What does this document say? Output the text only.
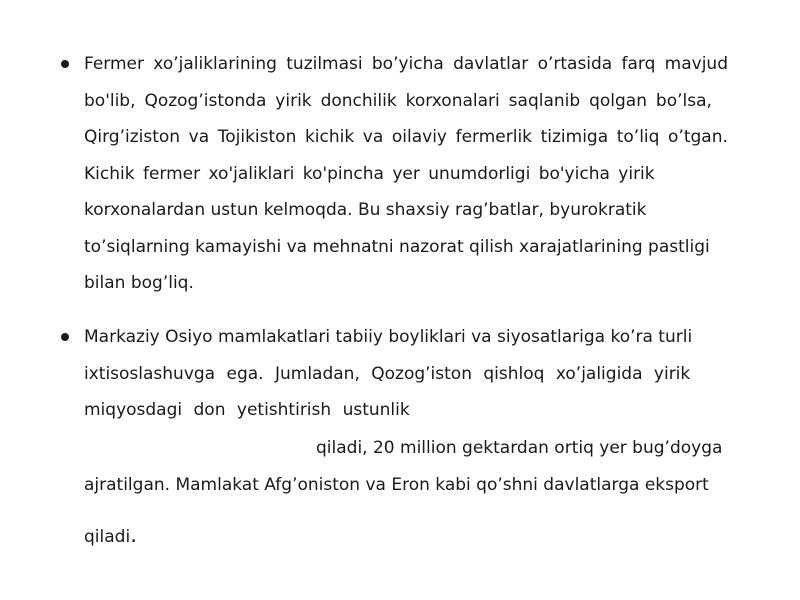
Fermer xo’jaliklarining tuzilmasi bo’yicha davlatlar o’rtasida farq mavjud
bo'lib, Qozog’istonda yirik donchilik korxonalari saqlanib qolgan bo’lsa,
Qirg’iziston va Tojikiston kichik va oilaviy fermerlik tizimiga to’liq o’tgan.
Kichik fermer xo'jaliklari ko'pincha yer unumdorligi bo'yicha yirik
korxonalardan ustun kelmoqda. Bu shaxsiy rag’batlar, byurokratik
to’siqlarning kamayishi va mehnatni nazorat qilish xarajatlarining pastligi
bilan bog’liq.
Markaziy Osiyo mamlakatlari tabiiy boyliklari va siyosatlariga ko’ra turli
ixtisoslashuvga ega. Jumladan, Qozog’iston qishloq xo’jaligida yirik
miqyosdagi don yetishtirish ustunlik
qiladi, 20 million gektardan ortiq yer bug’doyga
ajratilgan. Mamlakat Afg’oniston va Eron kabi qo’shni davlatlarga eksport
qiladi.
